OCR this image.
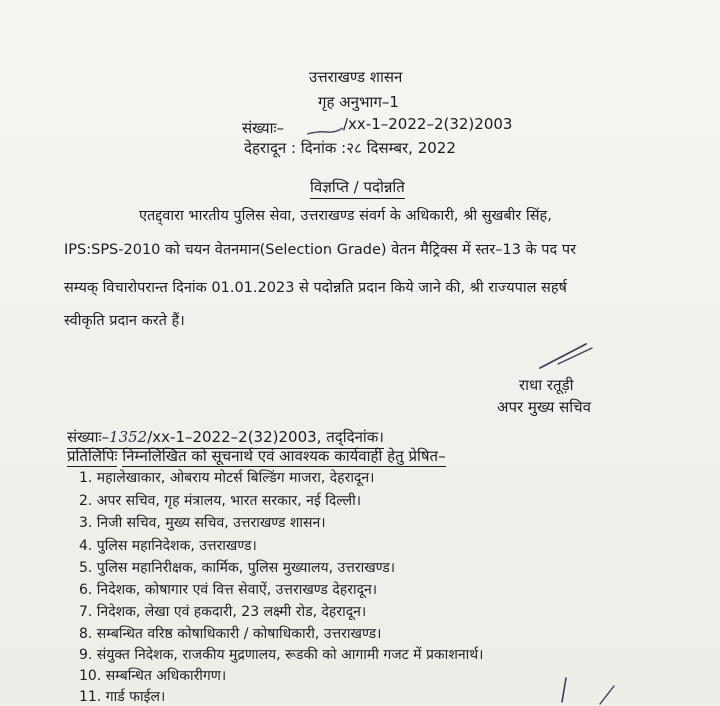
उत्तराखण्ड शासन
गृह अनुभाग–1
संख्याः–	/xx-1–2022–2(32)2003
देहरादून : दिनांक :२८ दिसम्बर, 2022
विज्ञप्ति / पदोन्नति
एतद्द्वारा भारतीय पुलिस सेवा, उत्तराखण्ड संवर्ग के अधिकारी, श्री सुखबीर सिंह,
IPS:SPS-2010 को चयन वेतनमान(Selection Grade) वेतन मैट्रिक्स में स्तर–13 के पद पर
सम्यक् विचारोपरान्त दिनांक 01.01.2023 से पदोन्नति प्रदान किये जाने की, श्री राज्यपाल सहर्ष
स्वीकृति प्रदान करते हैं।
राधा रतूड़ी
अपर मुख्य सचिव
संख्याः–1352/xx-1–2022–2(32)2003, तद्‌दिनांक।
प्रतिलिपिः निम्नलिखित को सूचनार्थ एवं आवश्यक कार्यवाही हेतु प्रेषित–
1. महालेखाकार, ओबराय मोटर्स बिल्डिंग माजरा, देहरादून।
2. अपर सचिव, गृह मंत्रालय, भारत सरकार, नई दिल्ली।
3. निजी सचिव, मुख्य सचिव, उत्तराखण्ड शासन।
4. पुलिस महानिदेशक, उत्तराखण्ड।
5. पुलिस महानिरीक्षक, कार्मिक, पुलिस मुख्यालय, उत्तराखण्ड।
6. निदेशक, कोषागार एवं वित्त सेवाऐं, उत्तराखण्ड देहरादून।
7. निदेशक, लेखा एवं हकदारी, 23 लक्ष्मी रोड, देहरादून।
8. सम्बन्धित वरिष्ठ कोषाधिकारी / कोषाधिकारी, उत्तराखण्ड।
9. संयुक्त निदेशक, राजकीय मुद्रणालय, रूडकी को आगामी गजट में प्रकाशनार्थ।
10. सम्बन्धित अधिकारीगण।
11. गार्ड फाईल।
